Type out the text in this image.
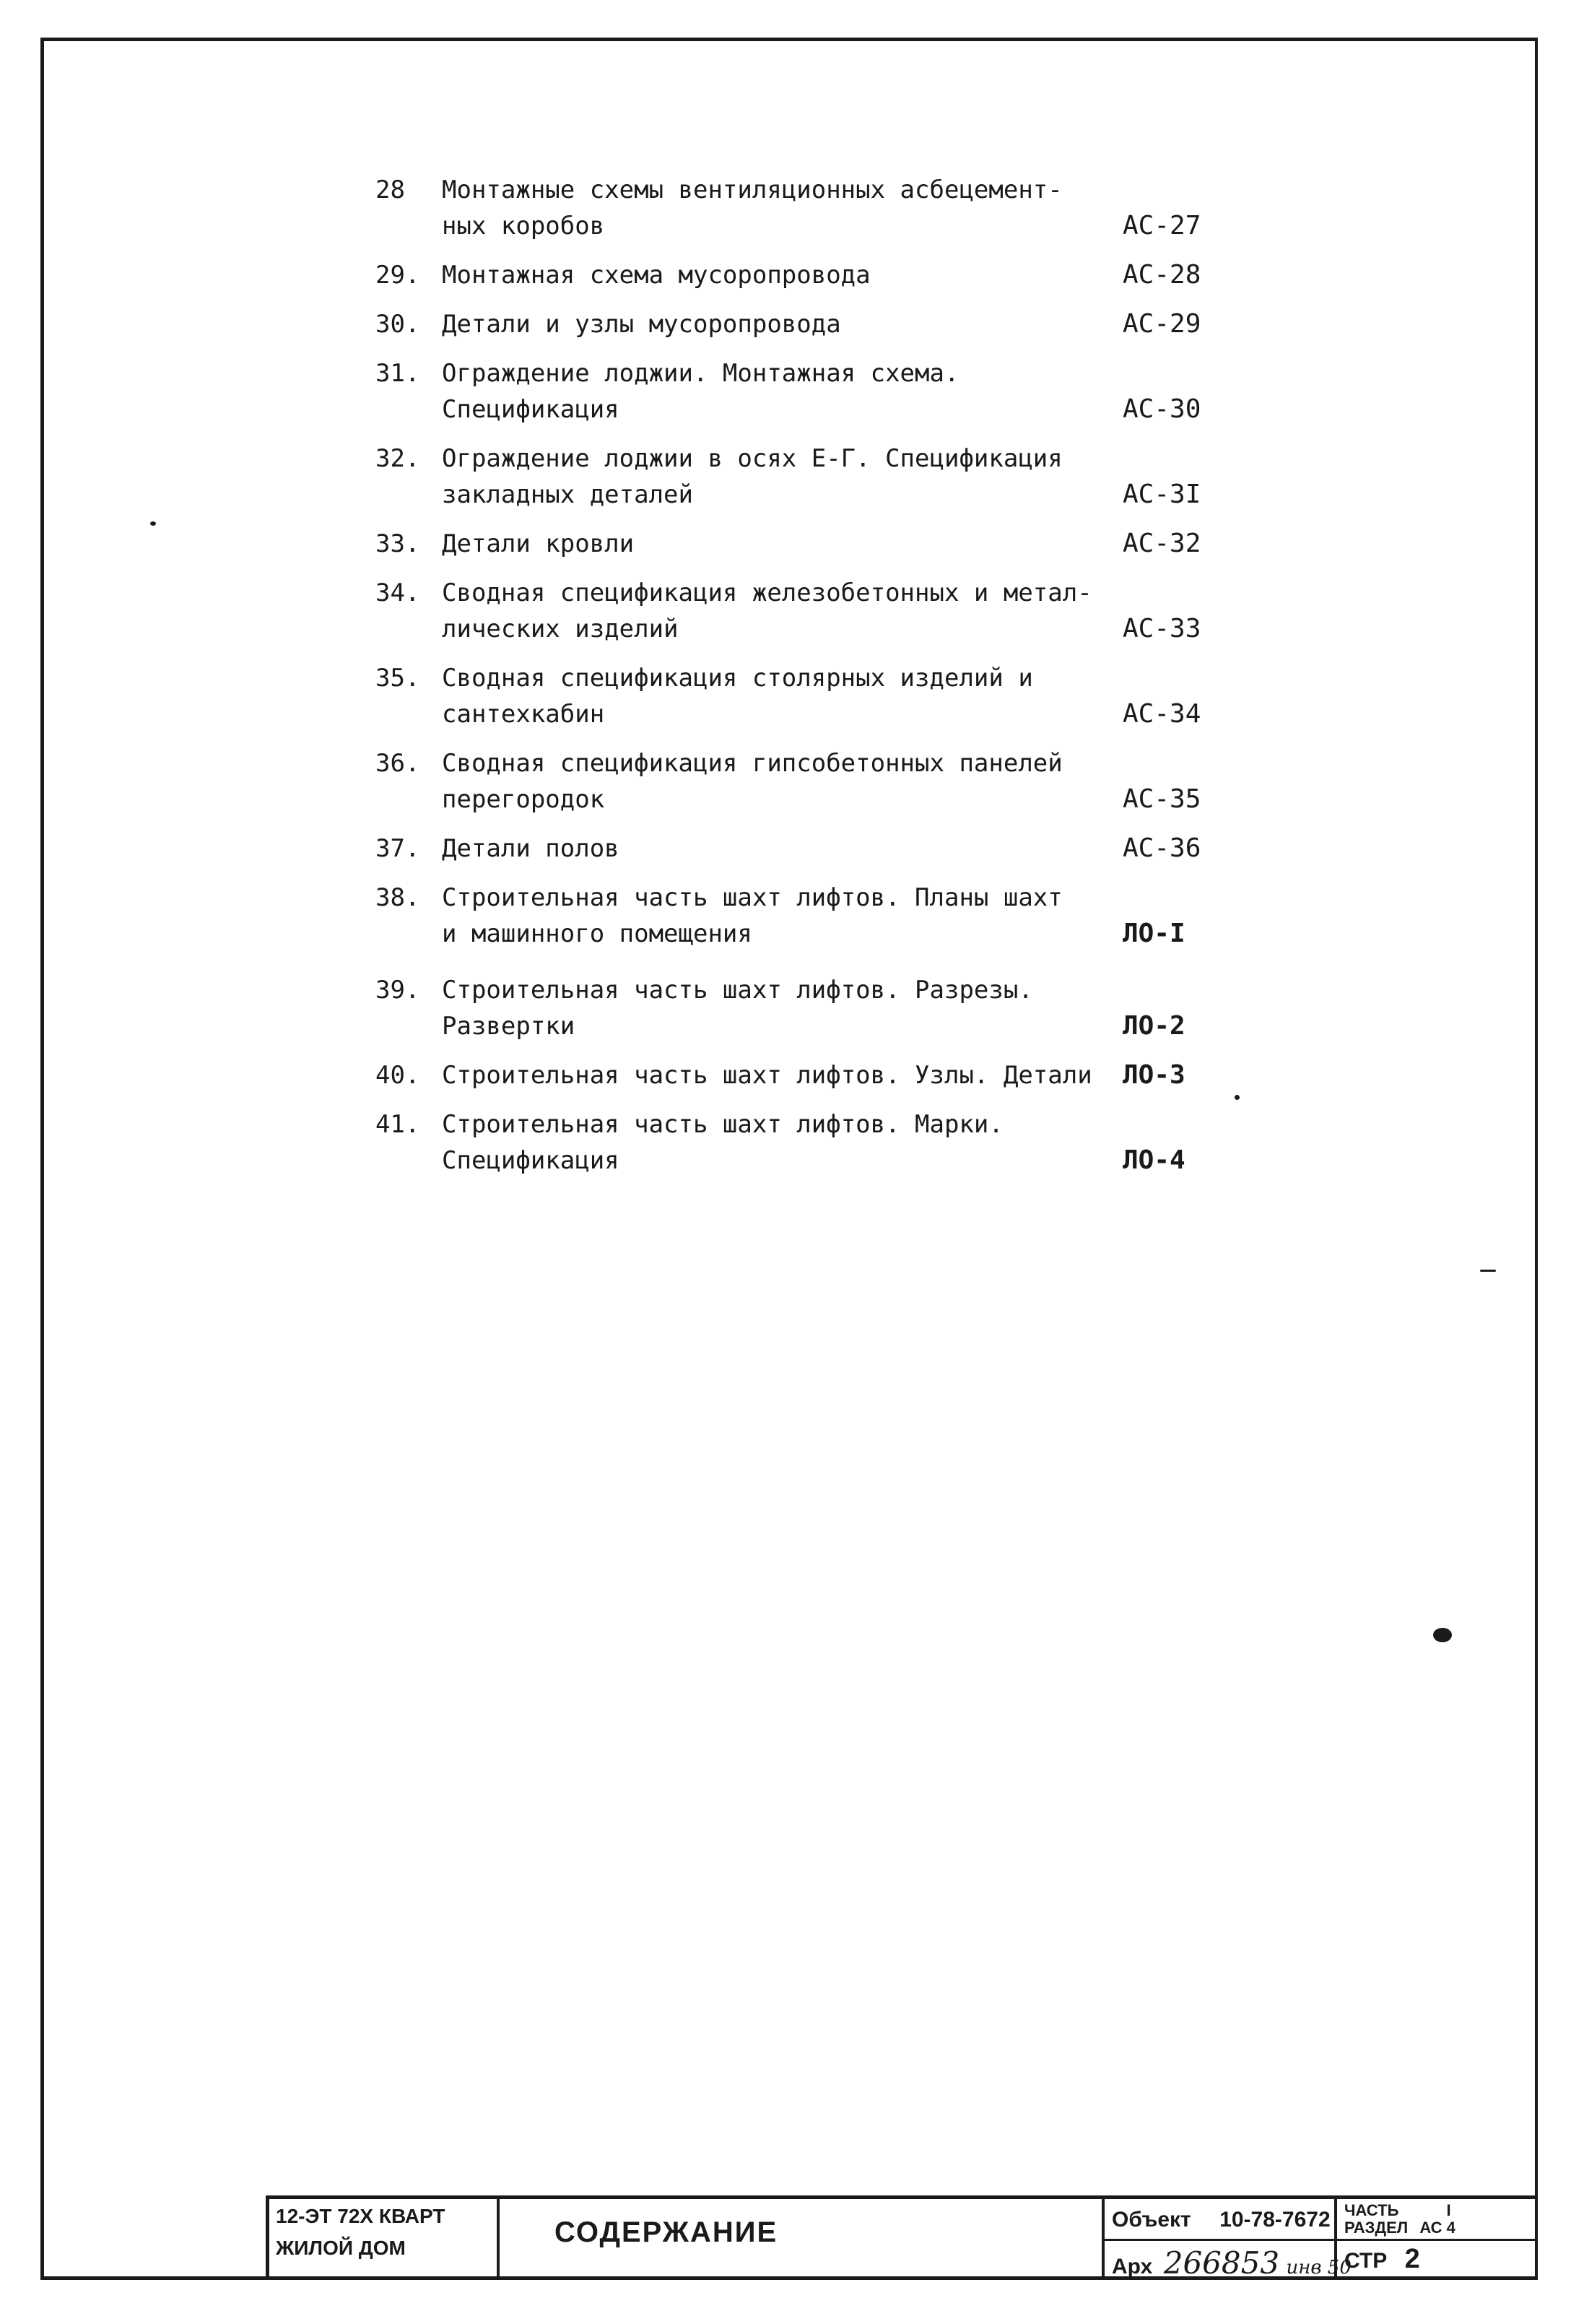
28 Монтажные схемы вентиляционных асбецемент-
ных коробов	АС-27
29. Монтажная схема мусоропровода	АС-28
30. Детали и узлы мусоропровода	АС-29
31. Ограждение лоджии. Монтажная схема.
Спецификация	АС-30
32. Ограждение лоджии в осях Е-Г. Спецификация
закладных деталей	АС-3I
33. Детали кровли	АС-32
34. Сводная спецификация железобетонных и метал-
лических изделий	АС-33
35. Сводная спецификация столярных изделий и
сантехкабин	АС-34
36. Сводная спецификация гипсобетонных панелей
перегородок	АС-35
37. Детали полов	АС-36
38. Строительная часть шахт лифтов. Планы шахт
и машинного помещения	ЛО-I
39. Строительная часть шахт лифтов. Разрезы.
Развертки	ЛО-2
40. Строительная часть шахт лифтов. Узлы. Детали	ЛО-3
41. Строительная часть шахт лифтов. Марки.
Спецификация	ЛО-4
12-ЭТ 72Х КВАРТ
ЖИЛОЙ ДОМ	СОДЕРЖАНИЕ	Объект 10-78-7672
Арх 266853 инв 50
ЧАСТЬ	I
РАЗДЕЛ АС 4
СТР 2
